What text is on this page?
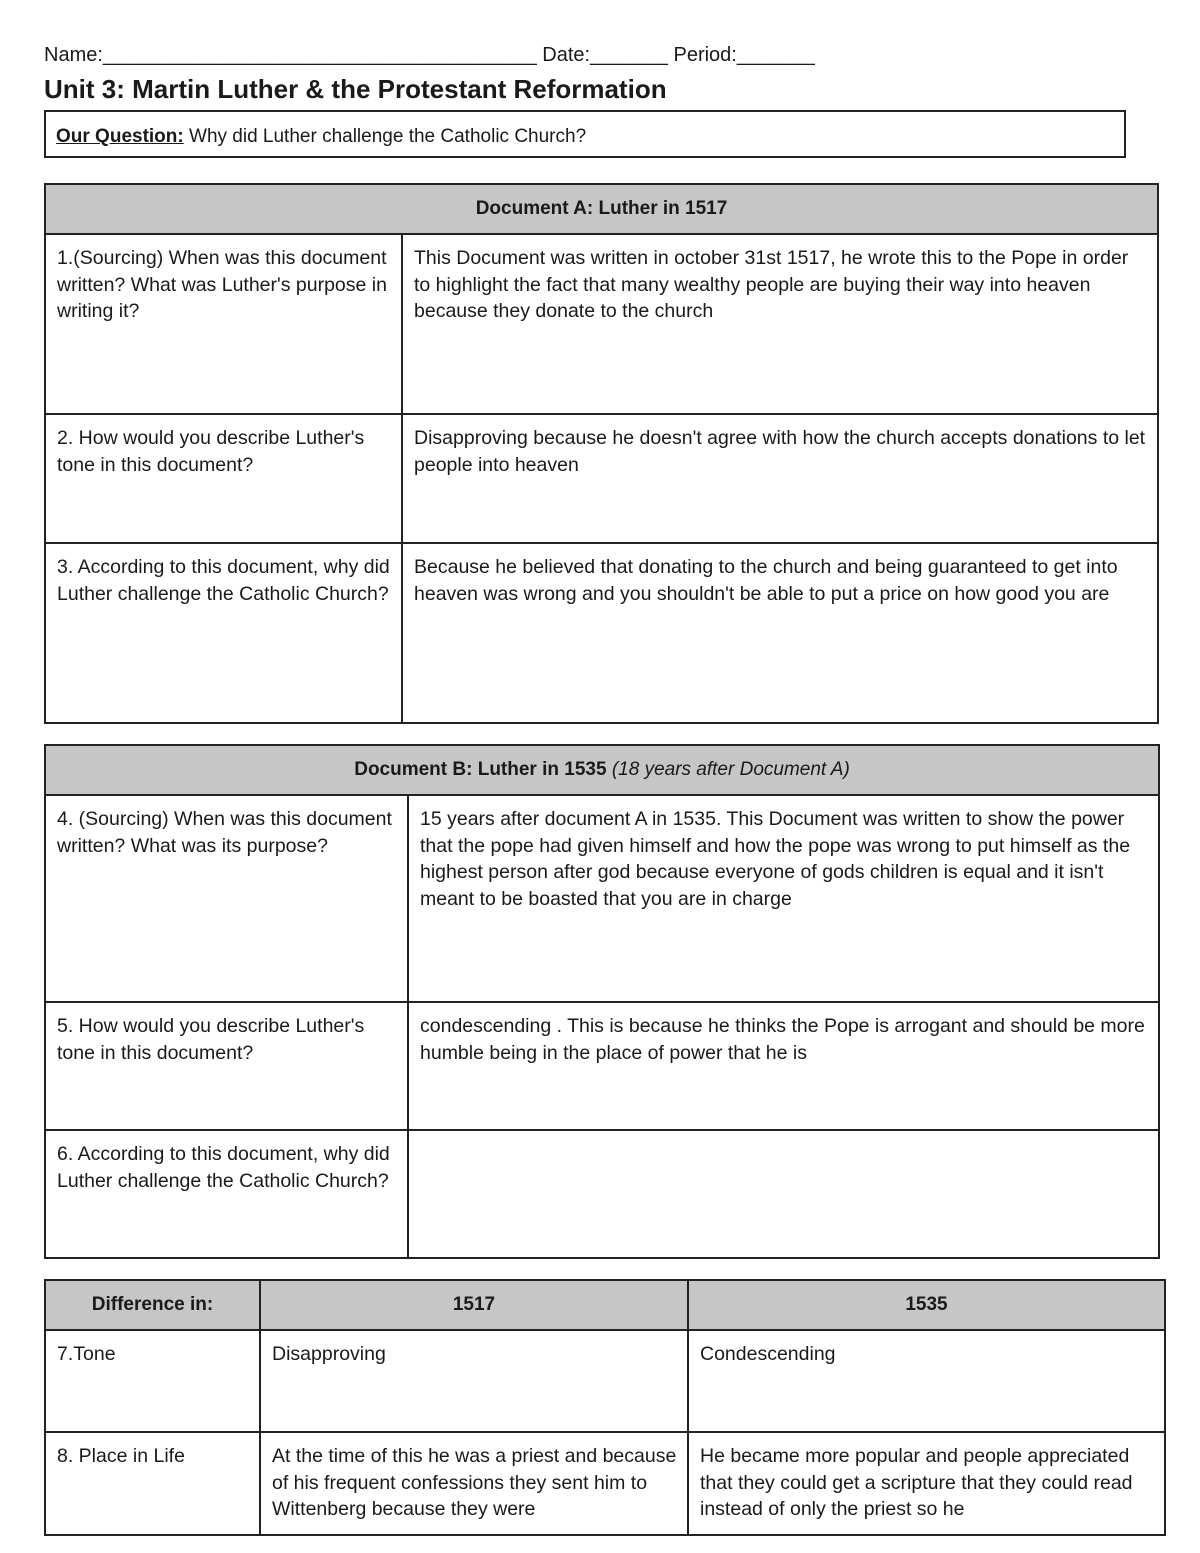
Name:_______________________________________ Date:_______ Period:_______
Unit 3: Martin Luther & the Protestant Reformation
Our Question: Why did Luther challenge the Catholic Church?
Document A: Luther in 1517	
1.(Sourcing) When was this document written? What was Luther's purpose in writing it?	This Document was written in october 31st 1517, he wrote this to the Pope in order to highlight the fact that many wealthy people are buying their way into heaven because they donate to the church
2. How would you describe Luther's tone in this document?	Disapproving because he doesn't agree with how the church accepts donations to let people into heaven
3. According to this document, why did Luther challenge the Catholic Church?	Because he believed that donating to the church and being guaranteed to get into heaven was wrong and you shouldn't be able to put a price on how good you are
Document B: Luther in 1535 (18 years after Document A)	
4. (Sourcing) When was this document written? What was its purpose?	15 years after document A in 1535. This Document was written to show the power that the pope had given himself and how the pope was wrong to put himself as the highest person after god because everyone of gods children is equal and it isn't meant to be boasted that you are in charge
5. How would you describe Luther's tone in this document?	condescending . This is because he thinks the Pope is arrogant and should be more humble being in the place of power that he is
6. According to this document, why did Luther challenge the Catholic Church?	
Difference in:	1517	1535
7.Tone	Disapproving	Condescending
8. Place in Life	At the time of this he was a priest and because of his frequent confessions they sent him to Wittenberg because they were	He became more popular and people appreciated that they could get a scripture that they could read instead of only the priest so he
